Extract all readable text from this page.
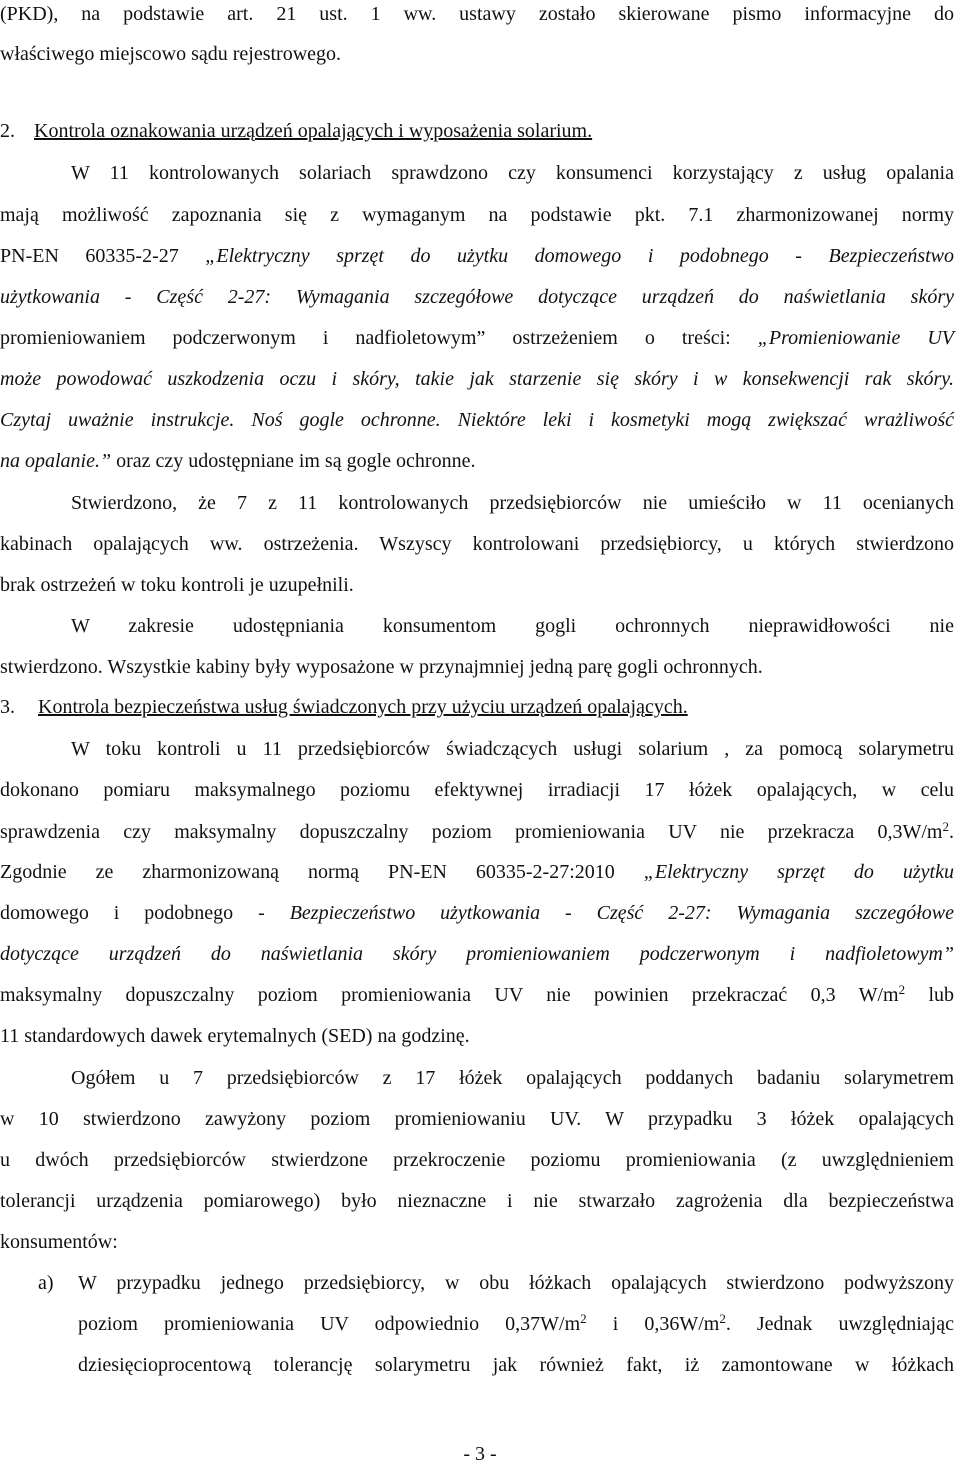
(PKD), na podstawie art. 21 ust. 1 ww. ustawy zostało skierowane pismo informacyjne do
właściwego miejscowo sądu rejestrowego.
2. Kontrola oznakowania urządzeń opalających i wyposażenia solarium.
W 11 kontrolowanych solariach sprawdzono czy konsumenci korzystający z usług opalania
mają możliwość zapoznania się z wymaganym na podstawie pkt. 7.1 zharmonizowanej normy
PN-EN 60335-2-27 „Elektryczny sprzęt do użytku domowego i podobnego - Bezpieczeństwo
użytkowania - Część 2-27: Wymagania szczegółowe dotyczące urządzeń do naświetlania skóry
promieniowaniem podczerwonym i nadfioletowym” ostrzeżeniem o treści: „Promieniowanie UV
może powodować uszkodzenia oczu i skóry, takie jak starzenie się skóry i w konsekwencji rak skóry.
Czytaj uważnie instrukcje. Noś gogle ochronne. Niektóre leki i kosmetyki mogą zwiększać wrażliwość
na opalanie.” oraz czy udostępniane im są gogle ochronne.
Stwierdzono, że 7 z 11 kontrolowanych przedsiębiorców nie umieściło w 11 ocenianych
kabinach opalających ww. ostrzeżenia. Wszyscy kontrolowani przedsiębiorcy, u których stwierdzono
brak ostrzeżeń w toku kontroli je uzupełnili.
W zakresie udostępniania konsumentom gogli ochronnych nieprawidłowości nie
stwierdzono. Wszystkie kabiny były wyposażone w przynajmniej jedną parę gogli ochronnych.
3. Kontrola bezpieczeństwa usług świadczonych przy użyciu urządzeń opalających.
W toku kontroli u 11 przedsiębiorców świadczących usługi solarium , za pomocą solarymetru
dokonano pomiaru maksymalnego poziomu efektywnej irradiacji 17 łóżek opalających, w celu
sprawdzenia czy maksymalny dopuszczalny poziom promieniowania UV nie przekracza $0,3W/m^2$.
Zgodnie ze zharmonizowaną normą PN-EN 60335-2-27:2010 „Elektryczny sprzęt do użytku
domowego i podobnego - Bezpieczeństwo użytkowania - Część 2-27: Wymagania szczegółowe
dotyczące urządzeń do naświetlania skóry promieniowaniem podczerwonym i nadfioletowym”
maksymalny dopuszczalny poziom promieniowania UV nie powinien przekraczać 0,3 $W/m^2$ lub
11 standardowych dawek erytemalnych (SED) na godzinę.
Ogółem u 7 przedsiębiorców z 17 łóżek opalających poddanych badaniu solarymetrem
w 10 stwierdzono zawyżony poziom promieniowaniu UV. W przypadku 3 łóżek opalających
u dwóch przedsiębiorców stwierdzone przekroczenie poziomu promieniowania (z uwzględnieniem
tolerancji urządzenia pomiarowego) było nieznaczne i nie stwarzało zagrożenia dla bezpieczeństwa
konsumentów:
a)	W przypadku jednego przedsiębiorcy, w obu łóżkach opalających stwierdzono podwyższony
poziom promieniowania UV odpowiednio $0,37W/m^2$ i $0,36W/m^2$. Jednak uwzględniając
dziesięcioprocentową tolerancję solarymetru jak również fakt, iż zamontowane w łóżkach
- 3 -
